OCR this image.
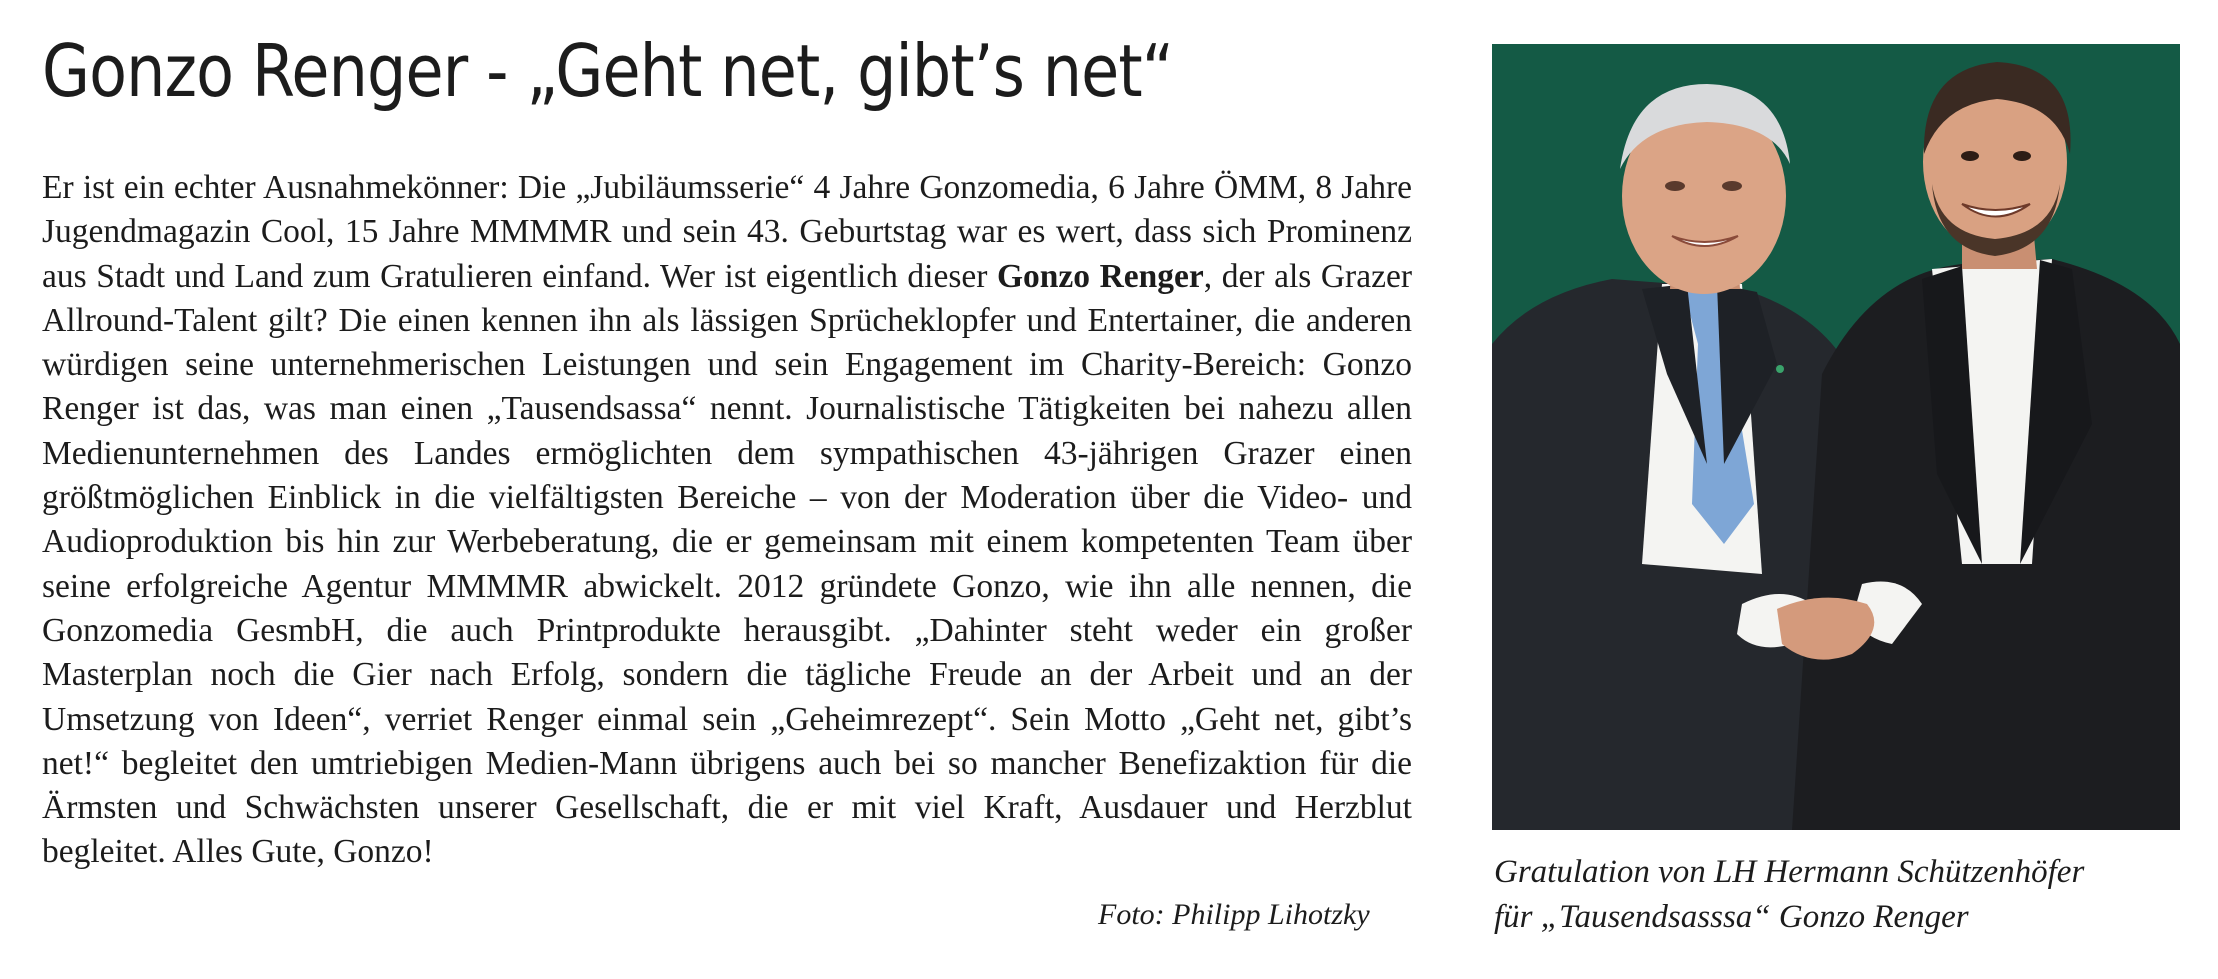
Gonzo Renger - „Geht net, gibt’s net“

Er ist ein echter Ausnahmekönner: Die „Jubiläumsserie“ 4 Jahre Gonzomedia, 6 Jahre ÖMM, 8 Jahre Jugendmagazin Cool, 15 Jahre MMMMR und sein 43. Geburtstag war es wert, dass sich Prominenz aus Stadt und Land zum Gratulieren einfand. Wer ist eigentlich dieser Gonzo Renger, der als Grazer Allround-Talent gilt? Die einen kennen ihn als lässigen Sprücheklopfer und Entertainer, die anderen würdigen seine unternehmerischen Leistungen und sein Engagement im Charity-Bereich: Gonzo Renger ist das, was man einen „Tausendsassa“ nennt. Journalistische Tätigkeiten bei nahezu allen Medienunternehmen des Landes ermöglichten dem sympathischen 43-jährigen Grazer einen größtmöglichen Einblick in die vielfältigsten Bereiche – von der Moderation über die Video- und Audioproduktion bis hin zur Werbeberatung, die er gemeinsam mit einem kompetenten Team über seine erfolgreiche Agentur MMMMR abwickelt. 2012 gründete Gonzo, wie ihn alle nennen, die Gonzomedia GesmbH, die auch Printprodukte herausgibt. „Dahinter steht weder ein großer Masterplan noch die Gier nach Erfolg, sondern die tägliche Freude an der Arbeit und an der Umsetzung von Ideen“, verriet Renger einmal sein „Geheimrezept“. Sein Motto „Geht net, gibt’s net!“ begleitet den umtriebigen Medien-Mann übrigens auch bei so mancher Benefizaktion für die Ärmsten und Schwächsten unserer Gesellschaft, die er mit viel Kraft, Ausdauer und Herzblut begleitet. Alles Gute, Gonzo!

Foto: Philipp Lihotzky

Gratulation von LH Hermann Schützenhöfer
für „Tausendsasssa“ Gonzo Renger
